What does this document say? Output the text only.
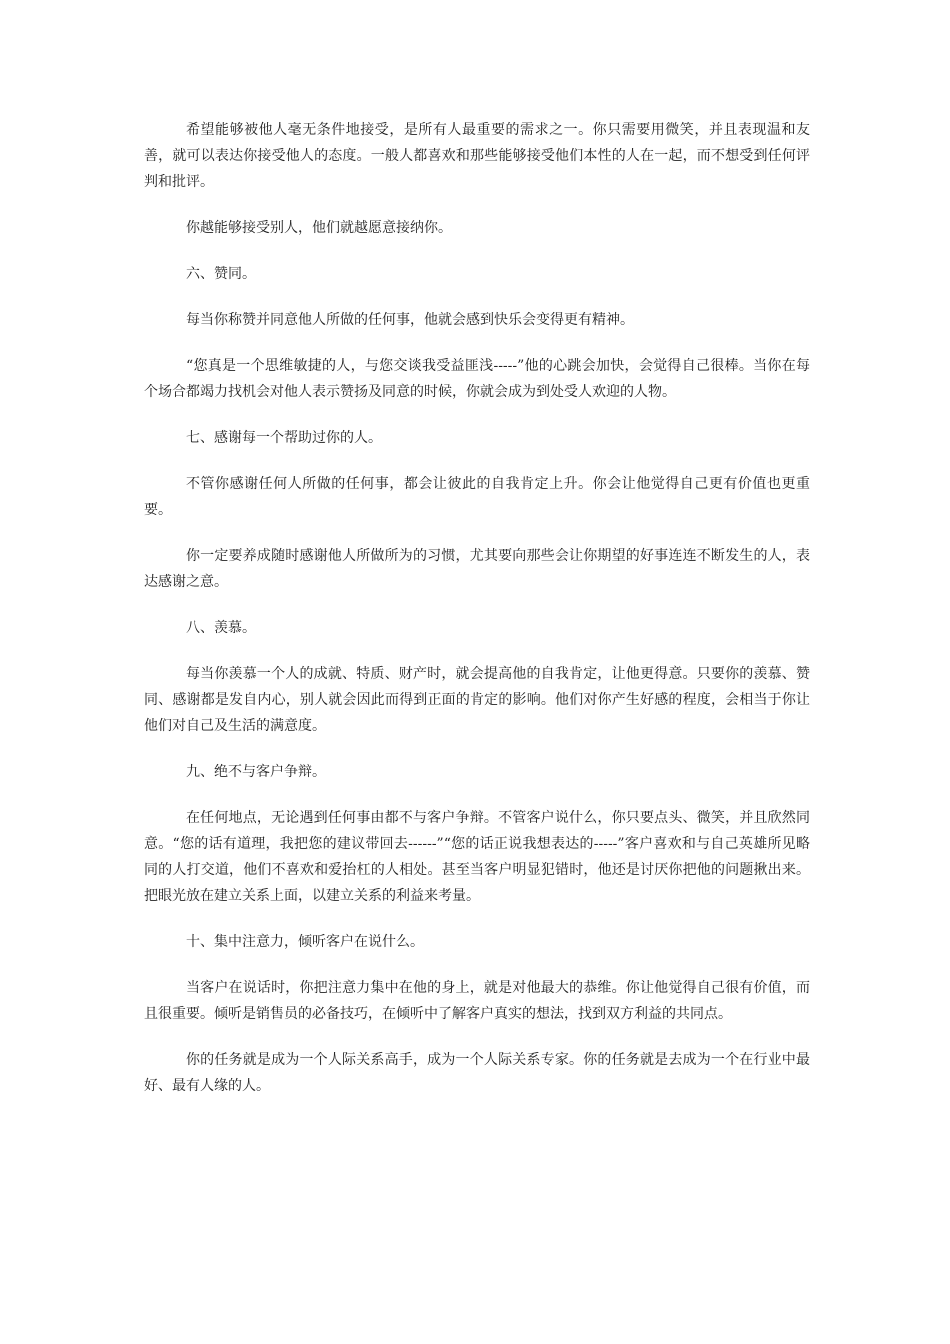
希望能够被他人毫无条件地接受，是所有人最重要的需求之一。你只需要用微笑，并且表现温和友善，就可以表达你接受他人的态度。一般人都喜欢和那些能够接受他们本性的人在一起，而不想受到任何评判和批评。

你越能够接受别人，他们就越愿意接纳你。

六、赞同。

每当你称赞并同意他人所做的任何事，他就会感到快乐会变得更有精神。

“您真是一个思维敏捷的人，与您交谈我受益匪浅-----”他的心跳会加快，会觉得自己很棒。当你在每个场合都竭力找机会对他人表示赞扬及同意的时候，你就会成为到处受人欢迎的人物。

七、感谢每一个帮助过你的人。

不管你感谢任何人所做的任何事，都会让彼此的自我肯定上升。你会让他觉得自己更有价值也更重要。

你一定要养成随时感谢他人所做所为的习惯，尤其要向那些会让你期望的好事连连不断发生的人，表达感谢之意。

八、羡慕。

每当你羡慕一个人的成就、特质、财产时，就会提高他的自我肯定，让他更得意。只要你的羡慕、赞同、感谢都是发自内心，别人就会因此而得到正面的肯定的影响。他们对你产生好感的程度，会相当于你让他们对自己及生活的满意度。

九、绝不与客户争辩。

在任何地点，无论遇到任何事由都不与客户争辩。不管客户说什么，你只要点头、微笑，并且欣然同意。“您的话有道理，我把您的建议带回去------”“您的话正说我想表达的-----”客户喜欢和与自己英雄所见略同的人打交道，他们不喜欢和爱抬杠的人相处。甚至当客户明显犯错时，他还是讨厌你把他的问题揪出来。把眼光放在建立关系上面，以建立关系的利益来考量。

十、集中注意力，倾听客户在说什么。

当客户在说话时，你把注意力集中在他的身上，就是对他最大的恭维。你让他觉得自己很有价值，而且很重要。倾听是销售员的必备技巧，在倾听中了解客户真实的想法，找到双方利益的共同点。

你的任务就是成为一个人际关系高手，成为一个人际关系专家。你的任务就是去成为一个在行业中最好、最有人缘的人。
